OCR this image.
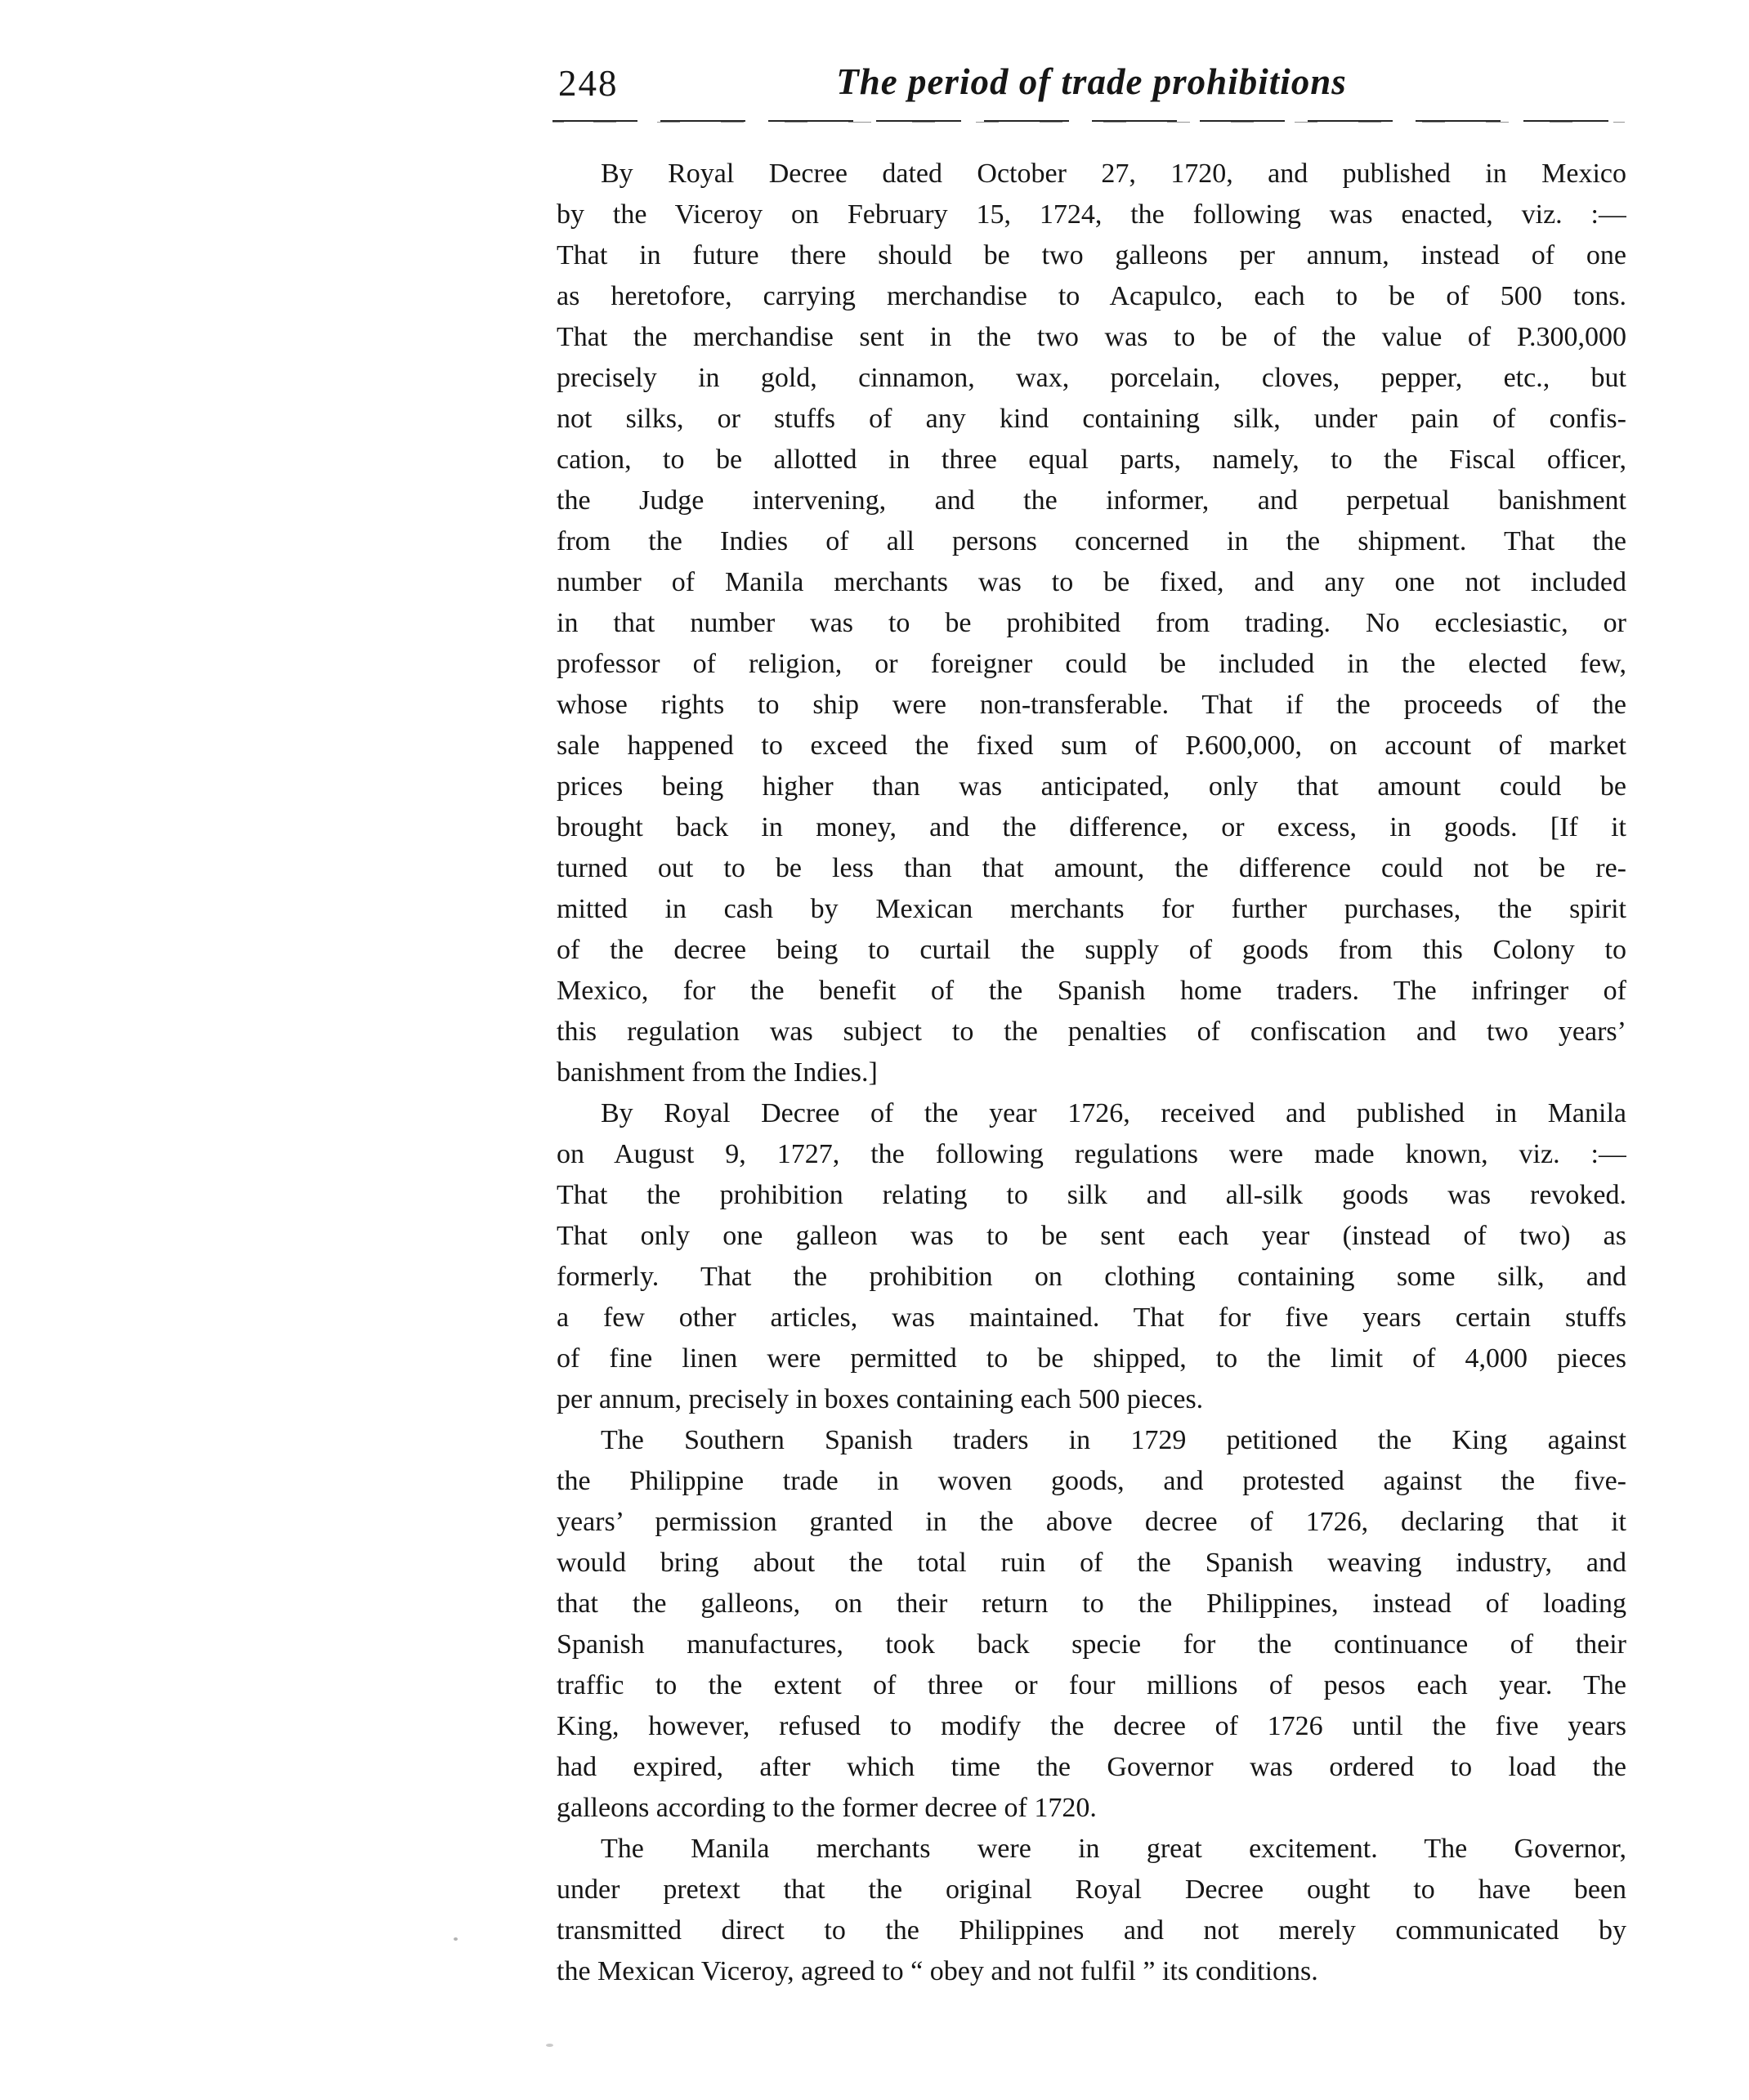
248	The period of trade prohibitions
By Royal Decree dated October 27, 1720, and published in Mexico
by the Viceroy on February 15, 1724, the following was enacted, viz. :—
That in future there should be two galleons per annum, instead of one
as heretofore, carrying merchandise to Acapulco, each to be of 500 tons.
That the merchandise sent in the two was to be of the value of P.300,000
precisely in gold, cinnamon, wax, porcelain, cloves, pepper, etc., but
not silks, or stuffs of any kind containing silk, under pain of confis-
cation, to be allotted in three equal parts, namely, to the Fiscal officer,
the Judge intervening, and the informer, and perpetual banishment
from the Indies of all persons concerned in the shipment. That the
number of Manila merchants was to be fixed, and any one not included
in that number was to be prohibited from trading. No ecclesiastic, or
professor of religion, or foreigner could be included in the elected few,
whose rights to ship were non-transferable. That if the proceeds of the
sale happened to exceed the fixed sum of P.600,000, on account of market
prices being higher than was anticipated, only that amount could be
brought back in money, and the difference, or excess, in goods. [If it
turned out to be less than that amount, the difference could not be re-
mitted in cash by Mexican merchants for further purchases, the spirit
of the decree being to curtail the supply of goods from this Colony to
Mexico, for the benefit of the Spanish home traders. The infringer of
this regulation was subject to the penalties of confiscation and two years’
banishment from the Indies.]
By Royal Decree of the year 1726, received and published in Manila
on August 9, 1727, the following regulations were made known, viz. :—
That the prohibition relating to silk and all-silk goods was revoked.
That only one galleon was to be sent each year (instead of two) as
formerly. That the prohibition on clothing containing some silk, and
a few other articles, was maintained. That for five years certain stuffs
of fine linen were permitted to be shipped, to the limit of 4,000 pieces
per annum, precisely in boxes containing each 500 pieces.
The Southern Spanish traders in 1729 petitioned the King against
the Philippine trade in woven goods, and protested against the five-
years’ permission granted in the above decree of 1726, declaring that it
would bring about the total ruin of the Spanish weaving industry, and
that the galleons, on their return to the Philippines, instead of loading
Spanish manufactures, took back specie for the continuance of their
traffic to the extent of three or four millions of pesos each year. The
King, however, refused to modify the decree of 1726 until the five years
had expired, after which time the Governor was ordered to load the
galleons according to the former decree of 1720.
The Manila merchants were in great excitement. The Governor,
under pretext that the original Royal Decree ought to have been
transmitted direct to the Philippines and not merely communicated by
the Mexican Viceroy, agreed to “ obey and not fulfil ” its conditions.
